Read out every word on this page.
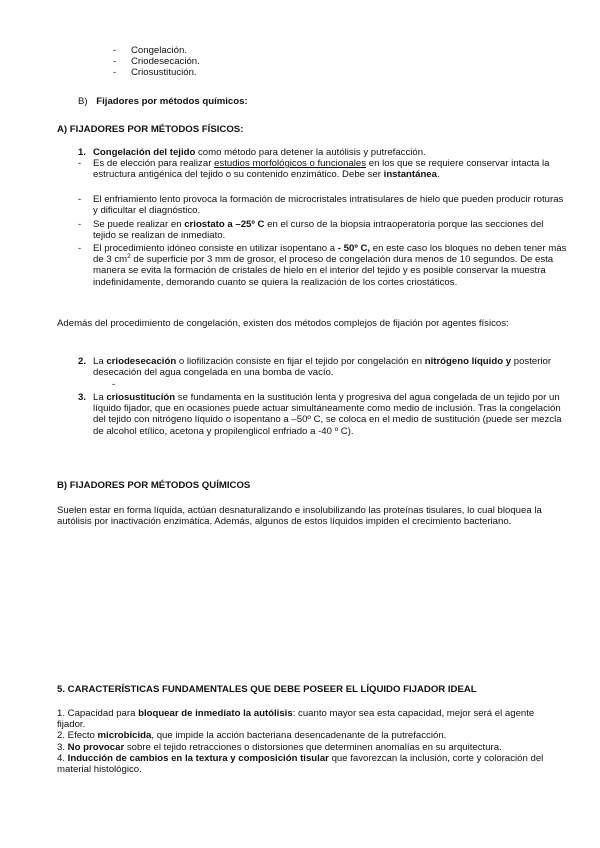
- Congelación.
- Criodesecación.
- Criosustitución.
B) Fijadores por métodos químicos:
A) FIJADORES POR MÉTODOS FÍSICOS:
1. Congelación del tejido como método para detener la autólisis y putrefacción.
- Es de elección para realizar estudios morfológicos o funcionales en los que se requiere conservar intacta la estructura antigénica del tejido o su contenido enzimático. Debe ser instantánea.
- El enfriamiento lento provoca la formación de microcristales intratisulares de hielo que pueden producir roturas y dificultar el diagnóstico.
- Se puede realizar en criostato a –25º C en el curso de la biopsia intraoperatoria porque las secciones del tejido se realizan de inmediato.
- El procedimiento idóneo consiste en utilizar isopentano a - 50º C, en este caso los bloques no deben tener más de 3 $cm^2$ de superficie por 3 mm de grosor, el proceso de congelación dura menos de 10 segundos. De esta manera se evita la formación de cristales de hielo en el interior del tejido y es posible conservar la muestra indefinidamente, demorando cuanto se quiera la realización de los cortes criostáticos.
Además del procedimiento de congelación, existen dos métodos complejos de fijación por agentes físicos:
2. La criodesecación o liofilización consiste en fijar el tejido por congelación en nitrógeno líquido y posterior desecación del agua congelada en una bomba de vacío.
-
3. La criosustitución se fundamenta en la sustitución lenta y progresiva del agua congelada de un tejido por un líquido fijador, que en ocasiones puede actuar simultáneamente como medio de inclusión. Tras la congelación del tejido con nitrógeno líquido o isopentano a –50º C, se coloca en el medio de sustitución (puede ser mezcla de alcohol etílico, acetona y propilenglicol enfriado a -40 º C).
B) FIJADORES POR MÉTODOS QUÍMICOS
Suelen estar en forma líquida, actúan desnaturalizando e insolubilizando las proteínas tisulares, lo cual bloquea la autólisis por inactivación enzimática. Además, algunos de estos líquidos impiden el crecimiento bacteriano.
5. CARACTERÍSTICAS FUNDAMENTALES QUE DEBE POSEER EL LÍQUIDO FIJADOR IDEAL
1. Capacidad para bloquear de inmediato la autólisis: cuanto mayor sea esta capacidad, mejor será el agente fijador.
2. Efecto microbicida, que impide la acción bacteriana desencadenante de la putrefacción.
3. No provocar sobre el tejido retracciones o distorsiones que determinen anomalías en su arquitectura.
4. Inducción de cambios en la textura y composición tisular que favorezcan la inclusión, corte y coloración del material histológico.
